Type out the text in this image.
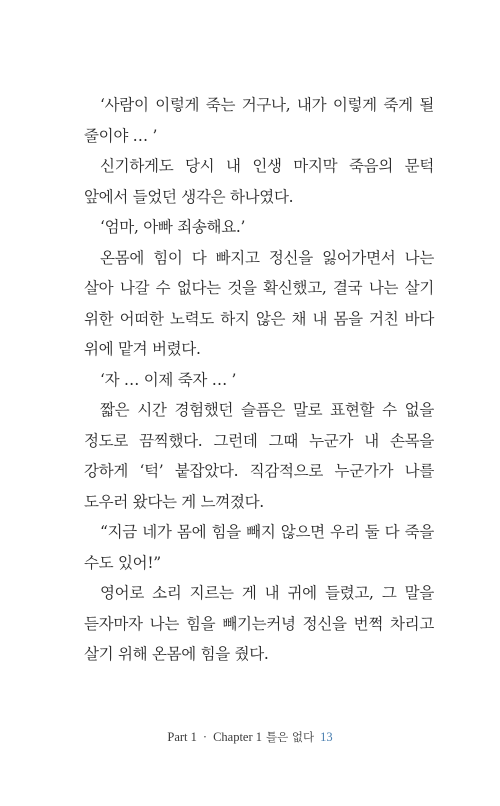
‘사람이 이렇게 죽는 거구나, 내가 이렇게 죽게 될 줄이야 … ’

신기하게도 당시 내 인생 마지막 죽음의 문턱 앞에서 들었던 생각은 하나였다.

‘엄마, 아빠 죄송해요.’

온몸에 힘이 다 빠지고 정신을 잃어가면서 나는 살아 나갈 수 없다는 것을 확신했고, 결국 나는 살기 위한 어떠한 노력도 하지 않은 채 내 몸을 거친 바다 위에 맡겨 버렸다.

‘자 … 이제 죽자 … ’

짧은 시간 경험했던 슬픔은 말로 표현할 수 없을 정도로 끔찍했다. 그런데 그때 누군가 내 손목을 강하게 ‘턱’ 붙잡았다. 직감적으로 누군가가 나를 도우러 왔다는 게 느껴졌다.

“지금 네가 몸에 힘을 빼지 않으면 우리 둘 다 죽을 수도 있어!”

영어로 소리 지르는 게 내 귀에 들렸고, 그 말을 듣자마자 나는 힘을 빼기는커녕 정신을 번쩍 차리고 살기 위해 온몸에 힘을 줬다.

Part 1 · Chapter 1 틀은 없다 13
